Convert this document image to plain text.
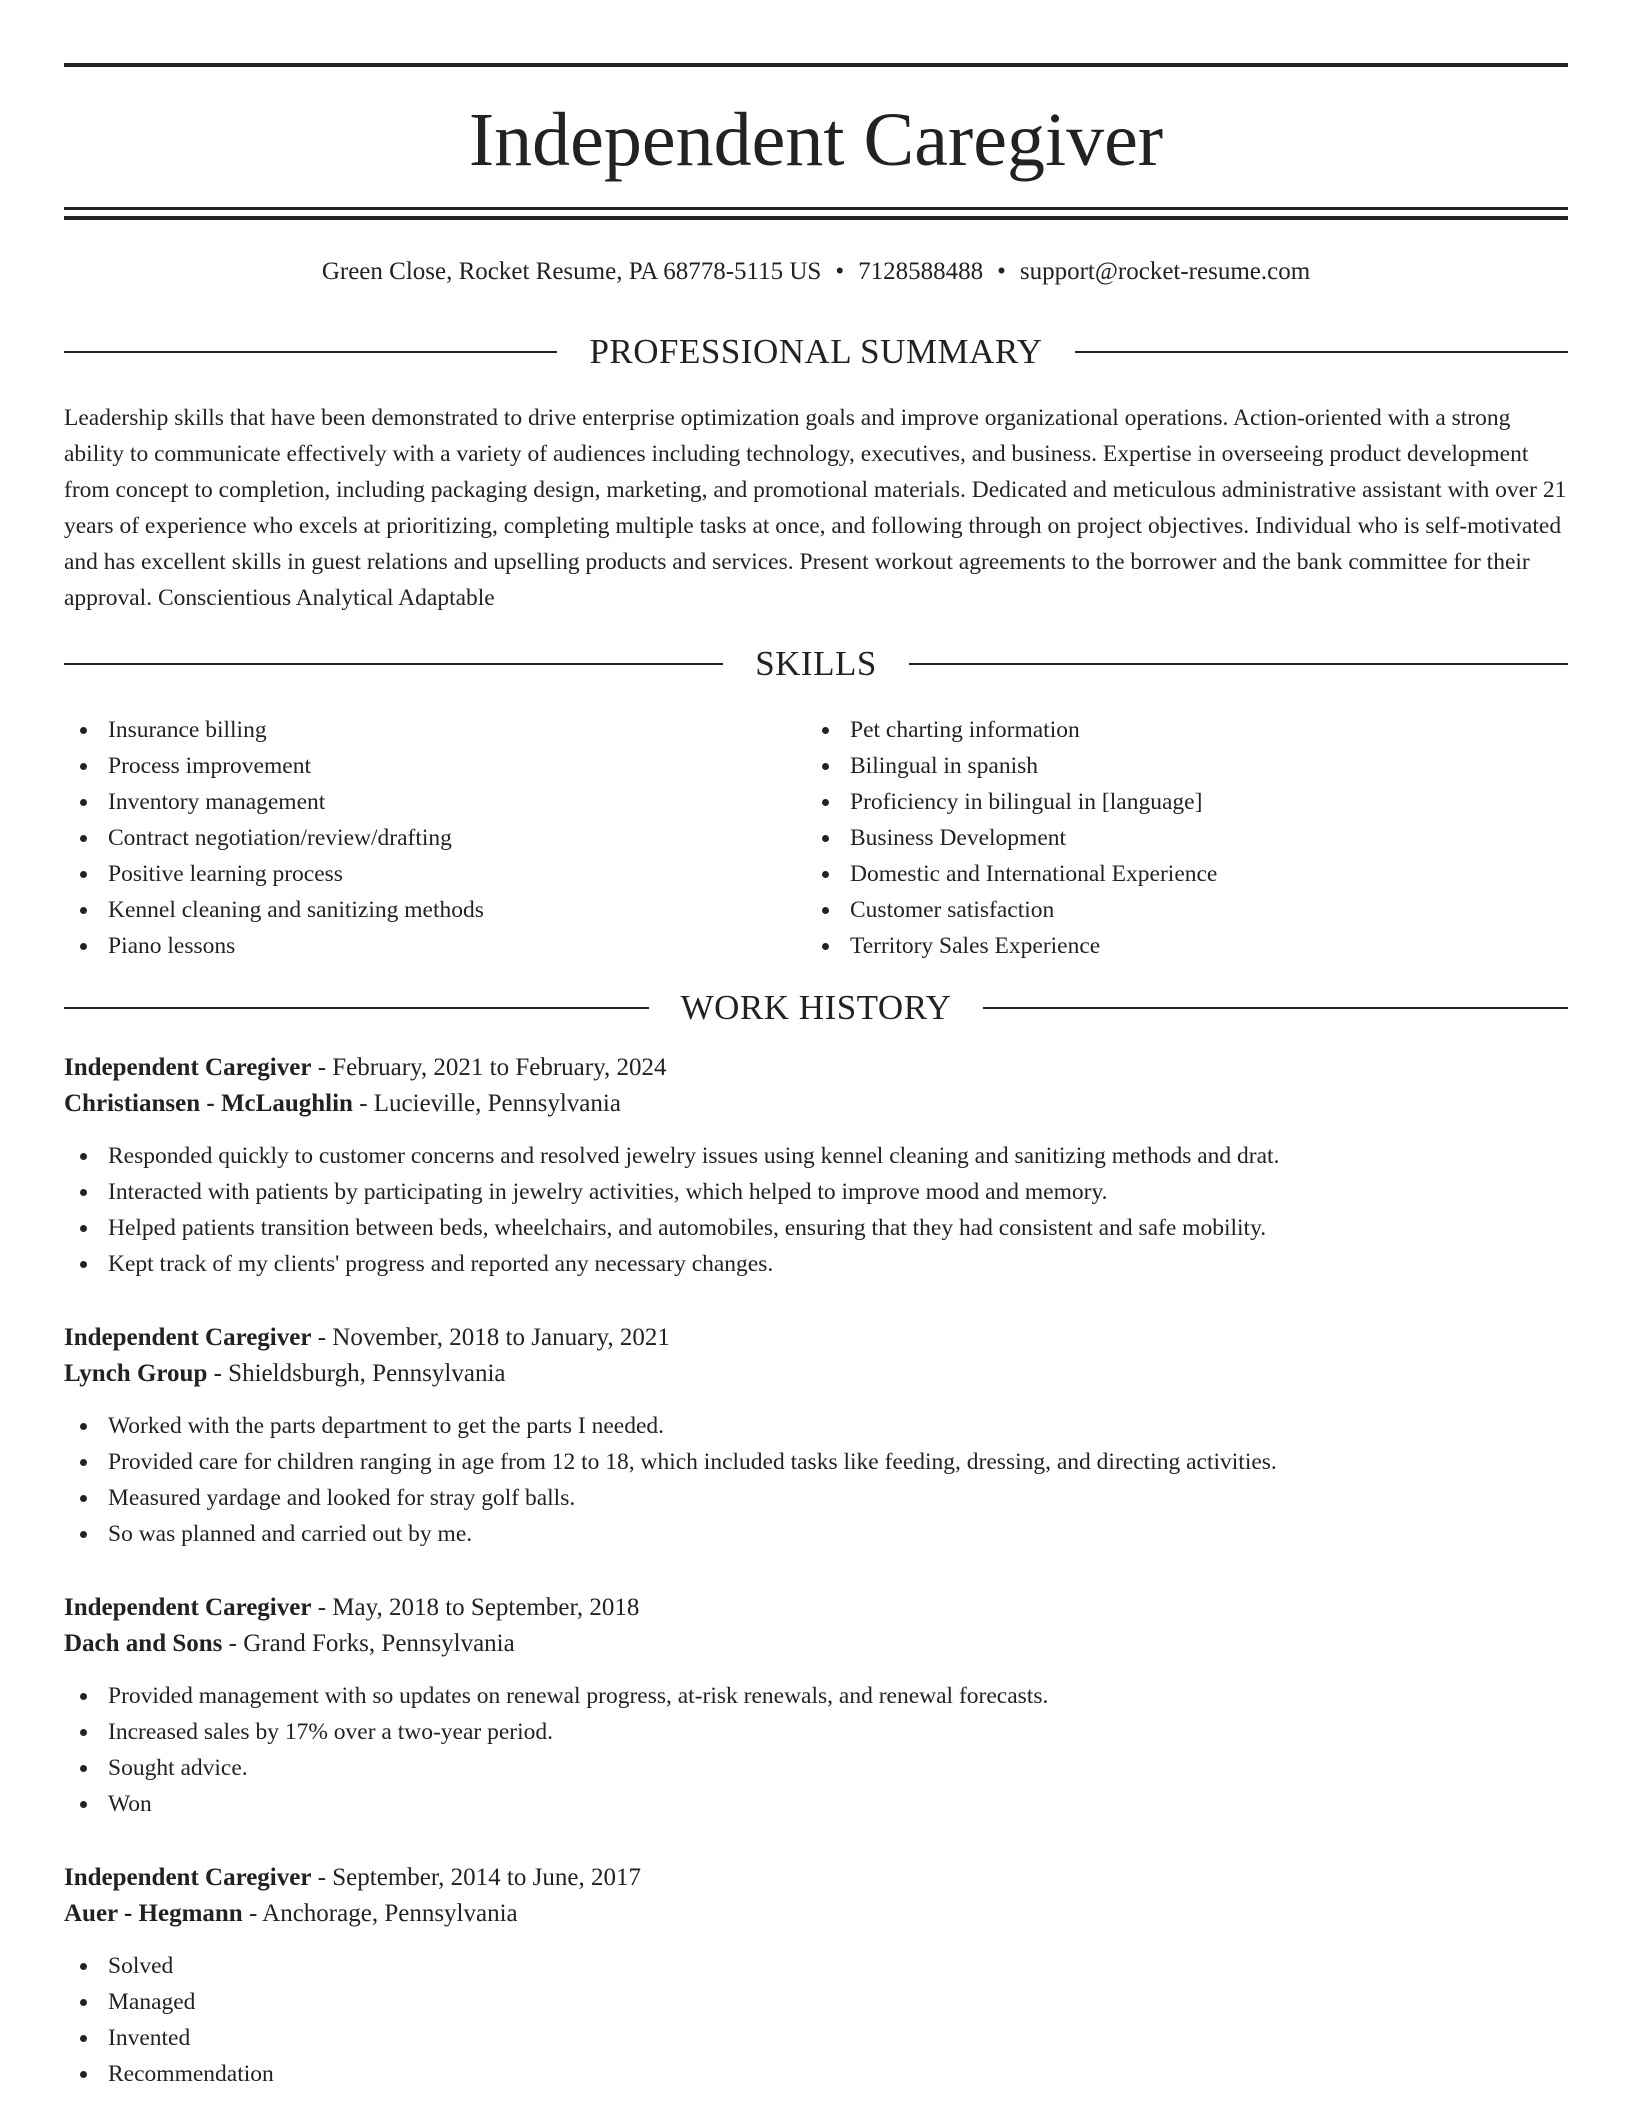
Independent Caregiver
Green Close, Rocket Resume, PA 68778-5115 US • 7128588488 • support@rocket-resume.com
PROFESSIONAL SUMMARY

Leadership skills that have been demonstrated to drive enterprise optimization goals and improve organizational operations. Action-oriented with a strong ability to communicate effectively with a variety of audiences including technology, executives, and business. Expertise in overseeing product development from concept to completion, including packaging design, marketing, and promotional materials. Dedicated and meticulous administrative assistant with over 21 years of experience who excels at prioritizing, completing multiple tasks at once, and following through on project objectives. Individual who is self-motivated and has excellent skills in guest relations and upselling products and services. Present workout agreements to the borrower and the bank committee for their approval. Conscientious Analytical Adaptable

SKILLS
Insurance billing
Process improvement
Inventory management
Contract negotiation/review/drafting
Positive learning process
Kennel cleaning and sanitizing methods
Piano lessons
Pet charting information
Bilingual in spanish
Proficiency in bilingual in [language]
Business Development
Domestic and International Experience
Customer satisfaction
Territory Sales Experience
WORK HISTORY
Independent Caregiver - February, 2021 to February, 2024
Christiansen - McLaughlin - Lucieville, Pennsylvania
Responded quickly to customer concerns and resolved jewelry issues using kennel cleaning and sanitizing methods and drat.
Interacted with patients by participating in jewelry activities, which helped to improve mood and memory.
Helped patients transition between beds, wheelchairs, and automobiles, ensuring that they had consistent and safe mobility.
Kept track of my clients' progress and reported any necessary changes.
Independent Caregiver - November, 2018 to January, 2021
Lynch Group - Shieldsburgh, Pennsylvania
Worked with the parts department to get the parts I needed.
Provided care for children ranging in age from 12 to 18, which included tasks like feeding, dressing, and directing activities.
Measured yardage and looked for stray golf balls.
So was planned and carried out by me.
Independent Caregiver - May, 2018 to September, 2018
Dach and Sons - Grand Forks, Pennsylvania
Provided management with so updates on renewal progress, at-risk renewals, and renewal forecasts.
Increased sales by 17% over a two-year period.
Sought advice.
Won
Independent Caregiver - September, 2014 to June, 2017
Auer - Hegmann - Anchorage, Pennsylvania
Solved
Managed
Invented
Recommendation
